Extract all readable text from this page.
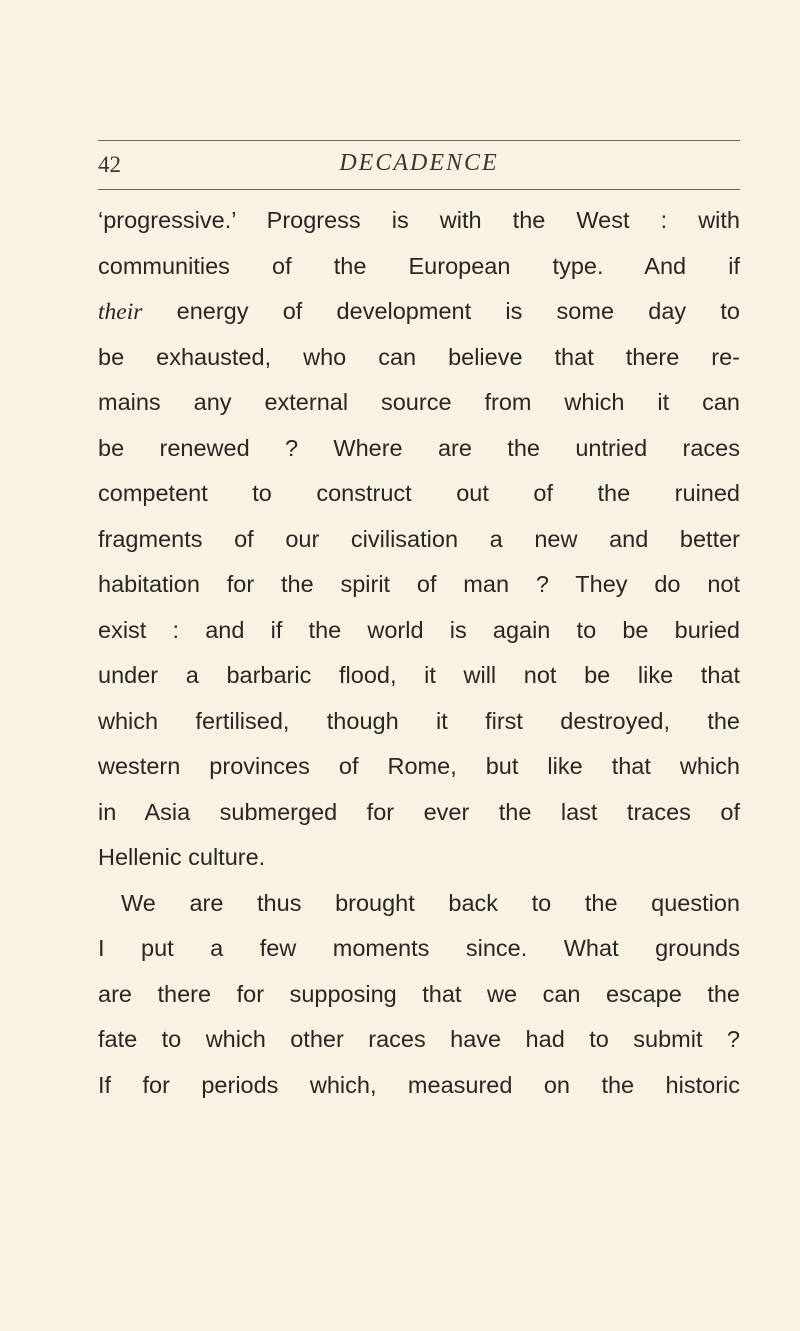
42	DECADENCE
‘progressive.’ Progress is with the West : with
communities of the European type. And if
their energy of development is some day to
be exhausted, who can believe that there re-
mains any external source from which it can
be renewed ? Where are the untried races
competent to construct out of the ruined
fragments of our civilisation a new and better
habitation for the spirit of man ? They do not
exist : and if the world is again to be buried
under a barbaric flood, it will not be like that
which fertilised, though it first destroyed, the
western provinces of Rome, but like that which
in Asia submerged for ever the last traces of
Hellenic culture.
We are thus brought back to the question
I put a few moments since. What grounds
are there for supposing that we can escape the
fate to which other races have had to submit ?
If for periods which, measured on the historic
